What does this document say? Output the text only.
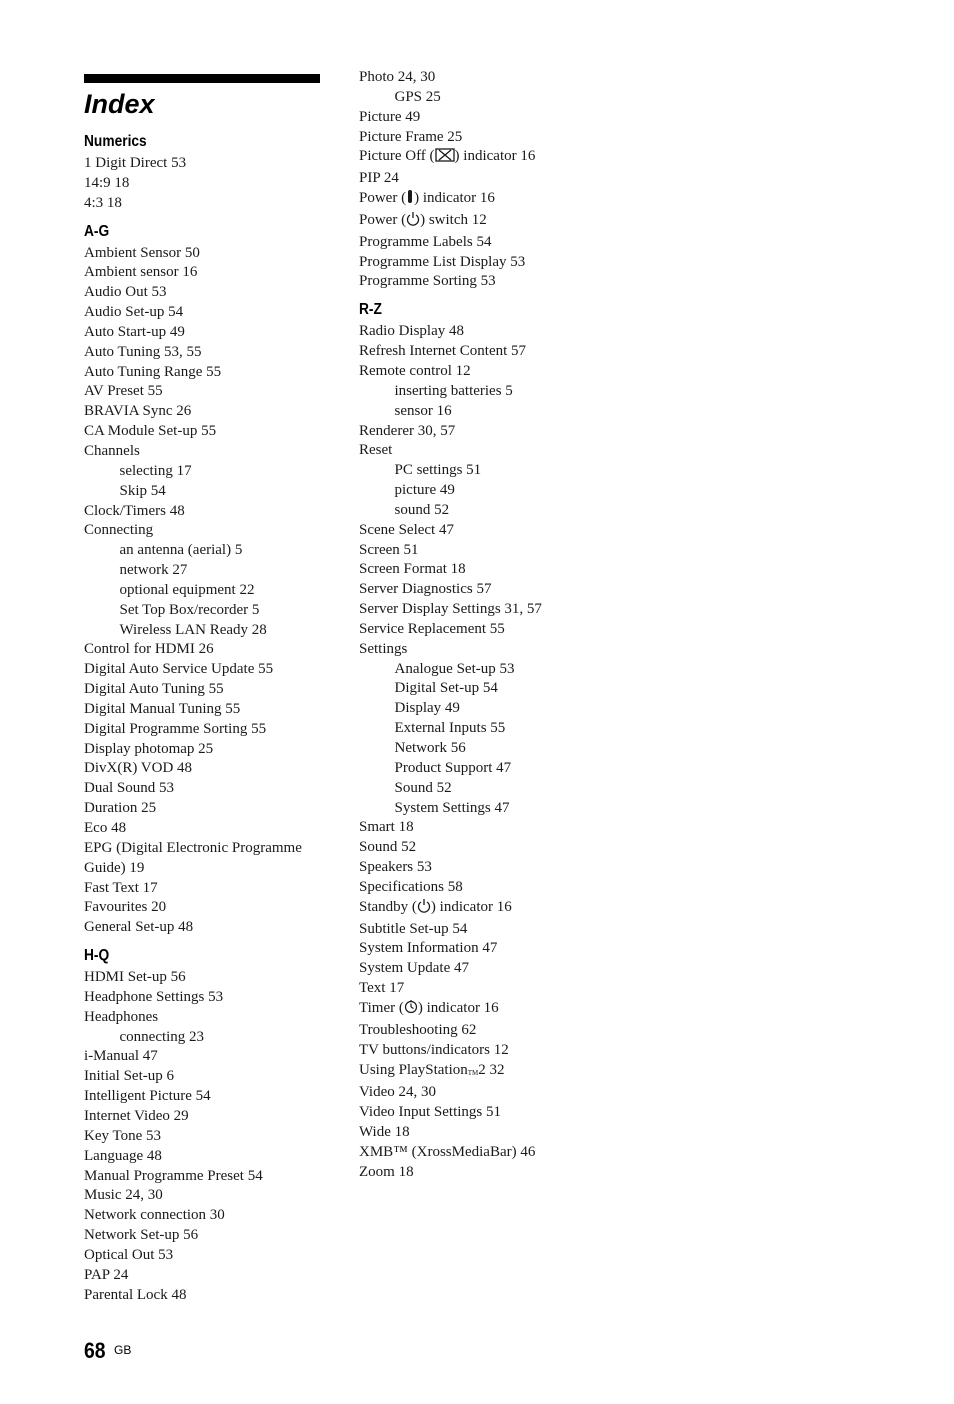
Index
Numerics
1 Digit Direct 53
14:9 18
4:3 18
A-G
Ambient Sensor 50
Ambient sensor 16
Audio Out 53
Audio Set-up 54
Auto Start-up 49
Auto Tuning 53, 55
Auto Tuning Range 55
AV Preset 55
BRAVIA Sync 26
CA Module Set-up 55
Channels
selecting 17
Skip 54
Clock/Timers 48
Connecting
an antenna (aerial) 5
network 27
optional equipment 22
Set Top Box/recorder 5
Wireless LAN Ready 28
Control for HDMI 26
Digital Auto Service Update 55
Digital Auto Tuning 55
Digital Manual Tuning 55
Digital Programme Sorting 55
Display photomap 25
DivX(R) VOD 48
Dual Sound 53
Duration 25
Eco 48
EPG (Digital Electronic Programme Guide) 19
Fast Text 17
Favourites 20
General Set-up 48
H-Q
HDMI Set-up 56
Headphone Settings 53
Headphones
connecting 23
i-Manual 47
Initial Set-up 6
Intelligent Picture 54
Internet Video 29
Key Tone 53
Language 48
Manual Programme Preset 54
Music 24, 30
Network connection 30
Network Set-up 56
Optical Out 53
PAP 24
Parental Lock 48
Photo 24, 30
GPS 25
Picture 49
Picture Frame 25
Picture Off ( ) indicator 16
PIP 24
Power ( ) indicator 16
Power ( ) switch 12
Programme Labels 54
Programme List Display 53
Programme Sorting 53
R-Z
Radio Display 48
Refresh Internet Content 57
Remote control 12
inserting batteries 5
sensor 16
Renderer 30, 57
Reset
PC settings 51
picture 49
sound 52
Scene Select 47
Screen 51
Screen Format 18
Server Diagnostics 57
Server Display Settings 31, 57
Service Replacement 55
Settings
Analogue Set-up 53
Digital Set-up 54
Display 49
External Inputs 55
Network 56
Product Support 47
Sound 52
System Settings 47
Smart 18
Sound 52
Speakers 53
Specifications 58
Standby ( ) indicator 16
Subtitle Set-up 54
System Information 47
System Update 47
Text 17
Timer ( ) indicator 16
Troubleshooting 62
TV buttons/indicators 12
Using PlayStationTM2 32
Video 24, 30
Video Input Settings 51
Wide 18
XMB™ (XrossMediaBar) 46
Zoom 18
68 GB
